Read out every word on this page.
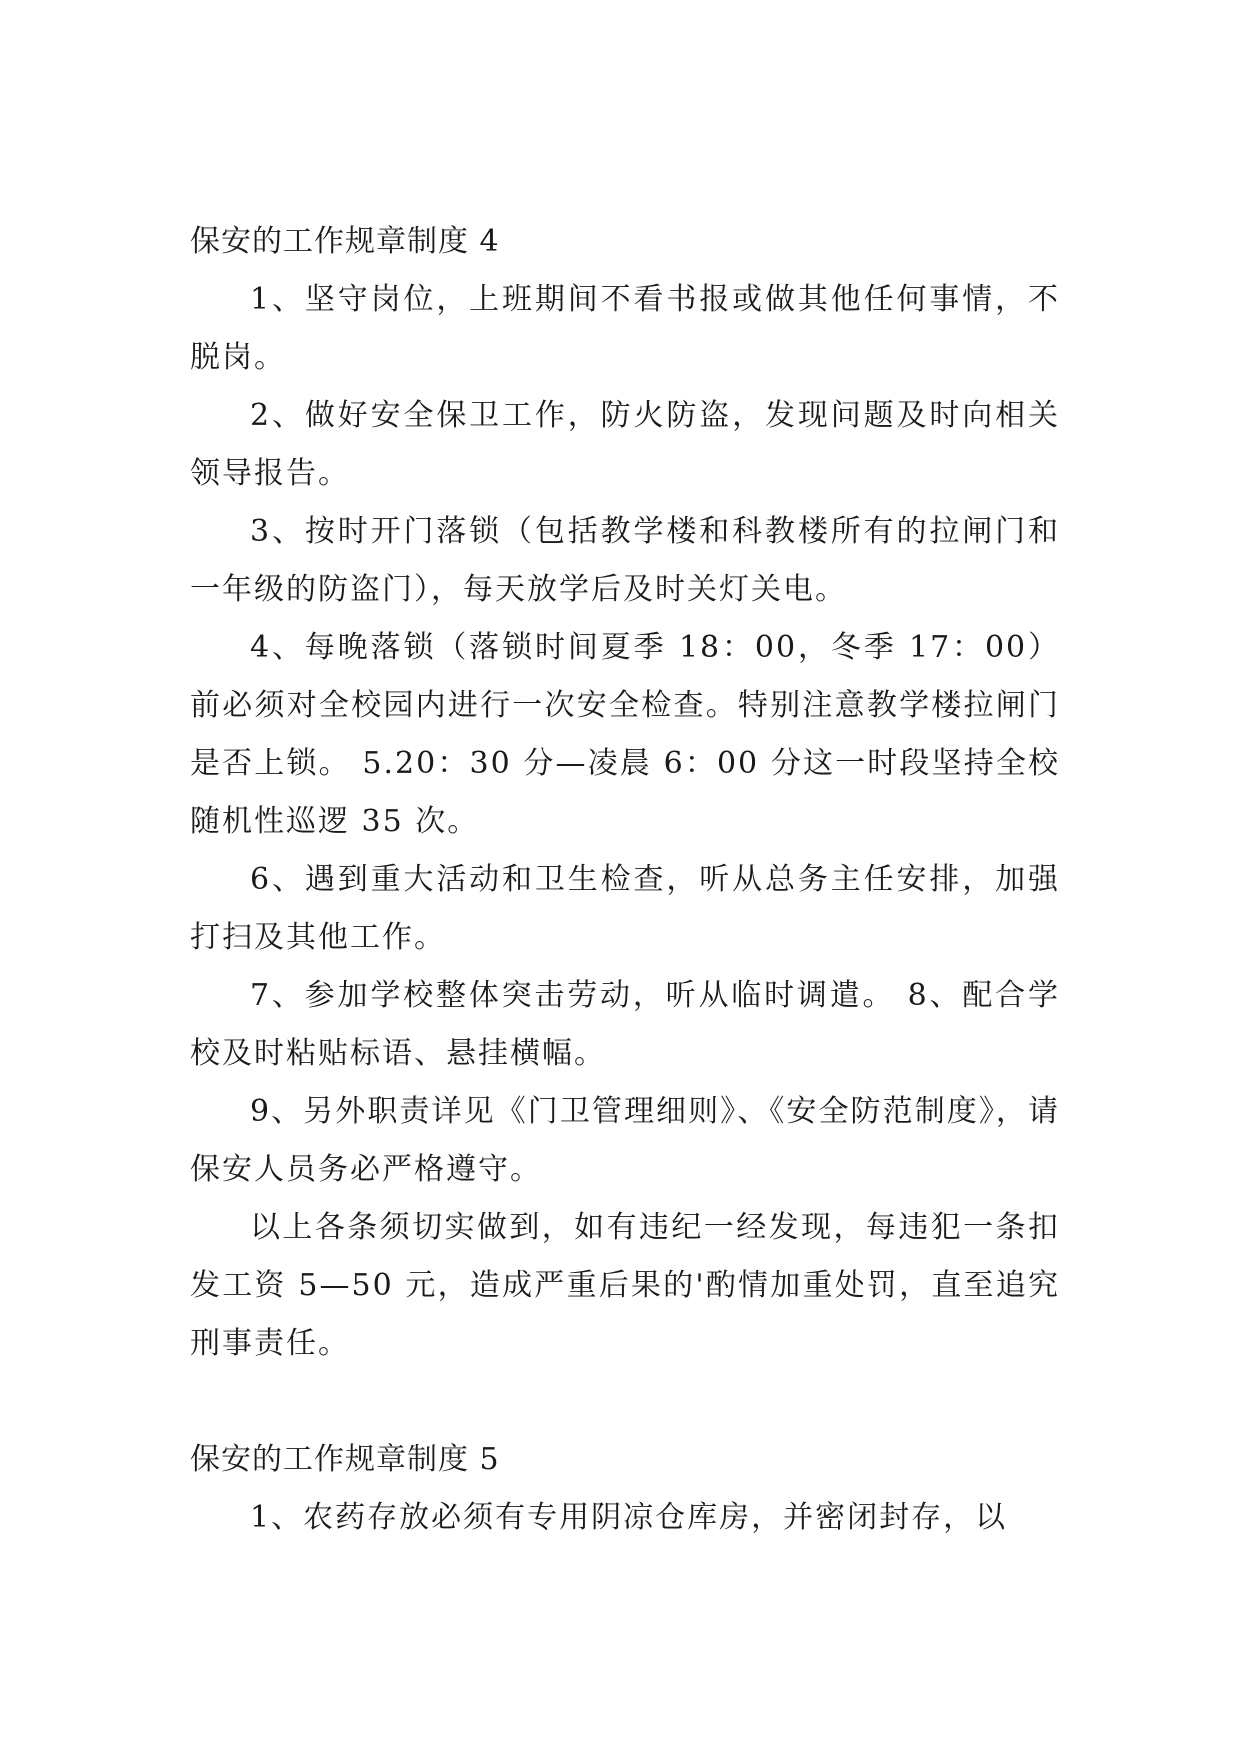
保安的工作规章制度 4

1、坚守岗位，上班期间不看书报或做其他任何事情，不脱岗。

2、做好安全保卫工作，防火防盗，发现问题及时向相关领导报告。

3、按时开门落锁（包括教学楼和科教楼所有的拉闸门和一年级的防盗门），每天放学后及时关灯关电。

4、每晚落锁（落锁时间夏季 18：00，冬季 17：00）前必须对全校园内进行一次安全检查。特别注意教学楼拉闸门是否上锁。 5.20：30 分—凌晨 6：00 分这一时段坚持全校随机性巡逻 35 次。

6、遇到重大活动和卫生检查，听从总务主任安排，加强打扫及其他工作。

7、参加学校整体突击劳动，听从临时调遣。 8、配合学校及时粘贴标语、悬挂横幅。

9、另外职责详见《门卫管理细则》、《安全防范制度》，请保安人员务必严格遵守。

以上各条须切实做到，如有违纪一经发现，每违犯一条扣发工资 5—50 元，造成严重后果的'酌情加重处罚，直至追究刑事责任。

保安的工作规章制度 5

1、农药存放必须有专用阴凉仓库房，并密闭封存，以
